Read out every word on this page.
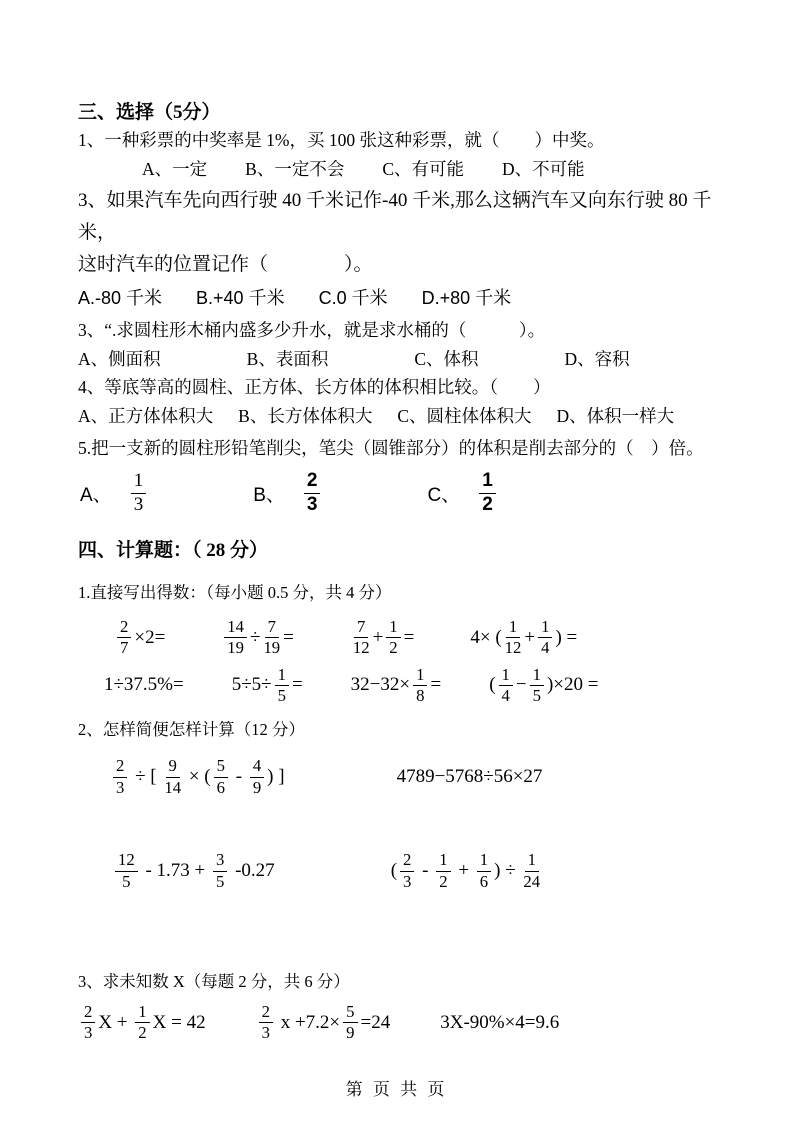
三、选择（5分）
1、一种彩票的中奖率是 1%，买 100 张这种彩票，就（　　）中奖。
A、一定 B、一定不会 C、有可能 D、不可能
3、如果汽车先向西行驶 40 千米记作-40 千米,那么这辆汽车又向东行驶 80 千米，
这时汽车的位置记作（　　　　）。
A.-80 千米 B.+40 千米 C.0 千米 D.+80 千米
3、“.求圆柱形木桶内盛多少升水，就是求水桶的（　　　）。
A、侧面积	B、表面积	C、体积	D、容积
4、等底等高的圆柱、正方体、长方体的体积相比较。（　　）
A、正方体体积大 B、长方体体积大 C、圆柱体体积大 D、体积一样大
5.把一支新的圆柱形铅笔削尖，笔尖（圆锥部分）的体积是削去部分的（　）倍。
A、 $\frac{1}{3}$	B、 $\frac{2}{3}$	C、 $\frac{1}{2}$
四、计算题：（ 28 分）
1.直接写出得数：（每小题 0.5 分，共 4 分）
$\frac{2}{7} \times 2=$	$\frac{14}{19} \div \frac{7}{19}$ =	$\frac{7}{12} + \frac{1}{2}$ =	4× ( $\frac{1}{12} + \frac{1}{4}$ ) =
1÷37.5%=	$5\div 5\div \frac{1}{5}$ =	$32-32\times \frac{1}{8}$ =	( $\frac{1}{4} - \frac{1}{5} )\times 20$ =
2、怎样简便怎样计算（12 分）
$\frac{2}{3}$ ÷ [ $\frac{9}{14}$ × ( $\frac{5}{6} - \frac{4}{9}$ ) ]	4789−5768÷56×27
$\frac{12}{5} - 1.73 + \frac{3}{5} -0.27$	( $\frac{2}{3} - \frac{1}{2} + \frac{1}{6}$ ) ÷ $\frac{1}{24}$
3、求未知数 X（每题 2 分，共 6 分）
$\frac{2}{3}$ $X + \frac{1}{2}$ X = 42	$\frac{2}{3}$ $x +7.2\times \frac{5}{9} =24$	3X-90%×4=9.6
第 页 共 页
